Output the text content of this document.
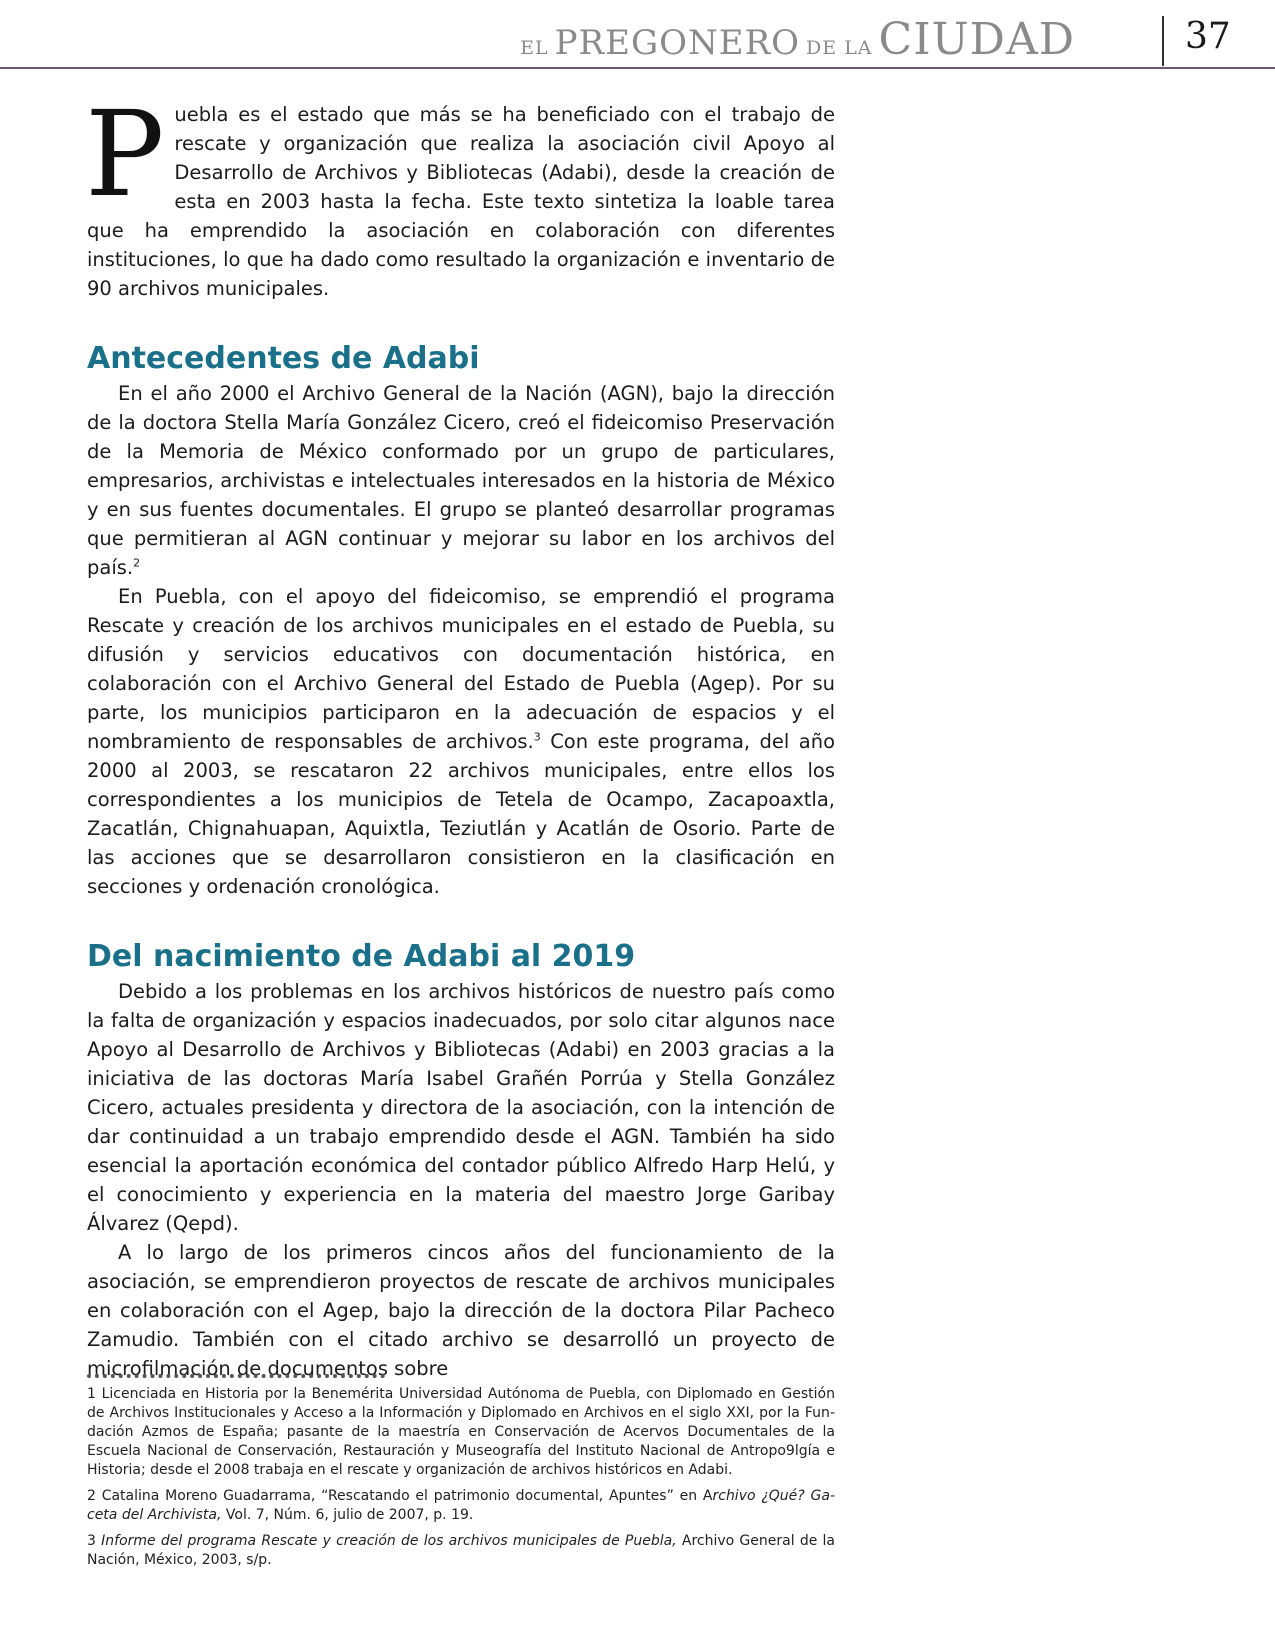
EL PREGONERO DE LA CIUDAD	37

Puebla es el estado que más se ha beneficiado con el trabajo de rescate y organización que realiza la asociación civil Apoyo al Desarrollo de Archivos y Bibliotecas (Adabi), desde la creación de esta en 2003 hasta la fecha. Este texto sintetiza la loable tarea que ha emprendido la asociación en colaboración con diferentes instituciones, lo que ha dado como resultado la organización e inventario de 90 archivos municipales.

Antecedentes de Adabi

En el año 2000 el Archivo General de la Nación (AGN), bajo la dirección de la doctora Stella María González Cicero, creó el fideicomiso Preservación de la Memoria de México conformado por un grupo de particulares, empresarios, archivistas e intelectuales interesados en la historia de México y en sus fuentes documentales. El grupo se planteó desarrollar programas que permitieran al AGN continuar y mejorar su labor en los archivos del país.$^2$

En Puebla, con el apoyo del fideicomiso, se emprendió el programa Rescate y creación de los archivos municipales en el estado de Puebla, su difusión y servicios educativos con documentación histórica, en colaboración con el Archivo General del Estado de Puebla (Agep). Por su parte, los municipios participaron en la adecuación de espacios y el nombramiento de responsables de archivos.$^3$ Con este programa, del año 2000 al 2003, se rescataron 22 archivos municipales, entre ellos los correspondientes a los municipios de Tetela de Ocampo, Zacapoaxtla, Zacatlán, Chignahuapan, Aquixtla, Teziutlán y Acatlán de Osorio. Parte de las acciones que se desarrollaron consistieron en la clasificación en secciones y ordenación cronológica.

Del nacimiento de Adabi al 2019

Debido a los problemas en los archivos históricos de nuestro país como la falta de organización y espacios inadecuados, por solo citar algunos nace Apoyo al Desarrollo de Archivos y Bibliotecas (Adabi) en 2003 gracias a la iniciativa de las doctoras María Isabel Grañén Porrúa y Stella González Cicero, actuales presidenta y directora de la asociación, con la intención de dar continuidad a un trabajo emprendido desde el AGN. También ha sido esencial la aportación económica del contador público Alfredo Harp Helú, y el conocimiento y experiencia en la materia del maestro Jorge Garibay Álvarez (Qepd).

A lo largo de los primeros cincos años del funcionamiento de la asociación, se emprendieron proyectos de rescate de archivos municipales en colaboración con el Agep, bajo la dirección de la doctora Pilar Pacheco Zamudio. También con el citado archivo se desarrolló un proyecto de microfilmación de documentos sobre

1 Licenciada en Historia por la Benemérita Universidad Autónoma de Puebla, con Diplomado en Gestión de Archivos Institucionales y Acceso a la Información y Diplomado en Archivos en el siglo XXI, por la Fundación Azmos de España; pasante de la maestría en Conservación de Acervos Documentales de la Escuela Nacional de Conservación, Restauración y Museografía del Instituto Nacional de Antropo9lgía e Historia; desde el 2008 trabaja en el rescate y organización de archivos históricos en Adabi.

2 Catalina Moreno Guadarrama, “Rescatando el patrimonio documental, Apuntes” en Archivo ¿Qué? Gaceta del Archivista, Vol. 7, Núm. 6, julio de 2007, p. 19.

3 Informe del programa Rescate y creación de los archivos municipales de Puebla, Archivo General de la Nación, México, 2003, s/p.
